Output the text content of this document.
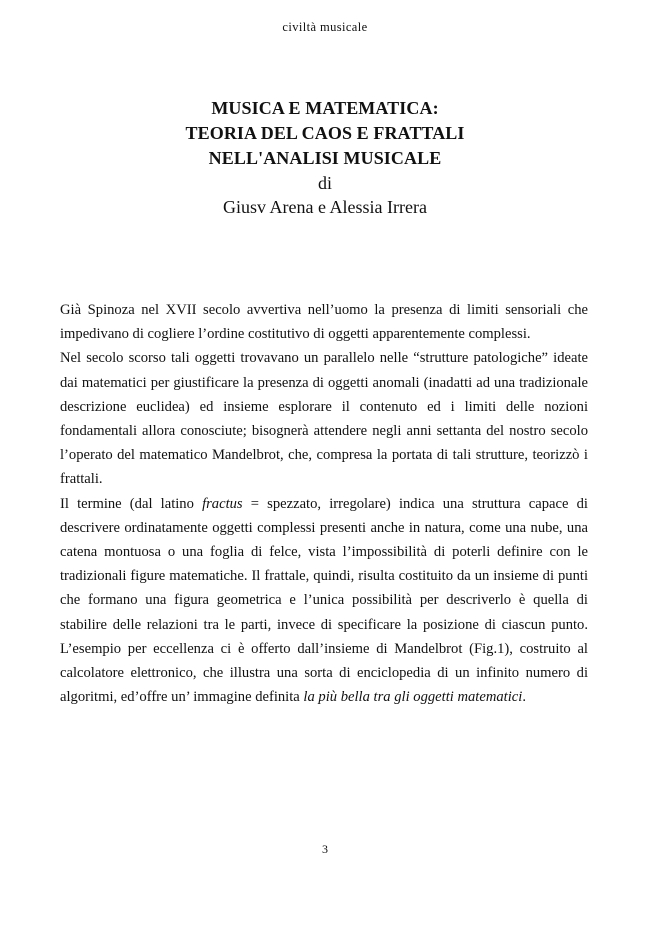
civiltà musicale
MUSICA E MATEMATICA:
TEORIA DEL CAOS E FRATTALI
NELL'ANALISI MUSICALE
di
Giusv Arena e Alessia Irrera

Già Spinoza nel XVII secolo avvertiva nell’uomo la presenza di limiti sensoriali che impedivano di cogliere l’ordine costitutivo di oggetti apparentemente complessi.

Nel secolo scorso tali oggetti trovavano un parallelo nelle “strutture patologiche” ideate dai matematici per giustificare la presenza di oggetti anomali (inadatti ad una tradizionale descrizione euclidea) ed insieme esplorare il contenuto ed i limiti delle nozioni fondamentali allora conosciute; bisognerà attendere negli anni settanta del nostro secolo l’operato del matematico Mandelbrot, che, compresa la portata di tali strutture, teorizzò i frattali.

Il termine (dal latino fractus = spezzato, irregolare) indica una struttura capace di descrivere ordinatamente oggetti complessi presenti anche in natura, come una nube, una catena montuosa o una foglia di felce, vista l’impossibilità di poterli definire con le tradizionali figure matematiche. Il frattale, quindi, risulta costituito da un insieme di punti che formano una figura geometrica e l’unica possibilità per descriverlo è quella di stabilire delle relazioni tra le parti, invece di specificare la posizione di ciascun punto. L’esempio per eccellenza ci è offerto dall’insieme di Mandelbrot (Fig.1), costruito al calcolatore elettronico, che illustra una sorta di enciclopedia di un infinito numero di algoritmi, ed’offre un’ immagine definita la più bella tra gli oggetti matematici.

3
